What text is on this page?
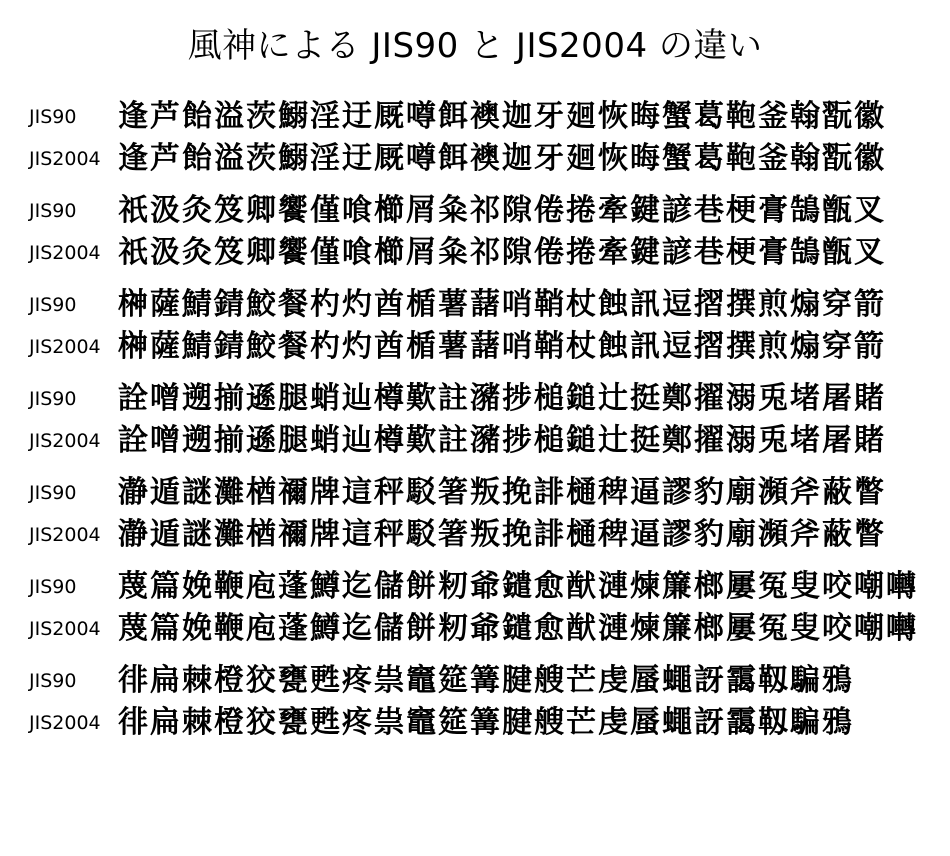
風神による JIS90 と JIS2004 の違い
JIS90	逢芦飴溢茨鰯淫迂厩噂餌襖迦牙廻恢晦蟹葛鞄釜翰翫徽
JIS2004 逢芦飴溢茨鰯淫迂厩噂餌襖迦牙廻恢晦蟹葛鞄釜翰翫徽
JIS90	祇汲灸笈卿饗僅喰櫛屑粂祁隙倦捲牽鍵諺巷梗膏鵠甑叉
JIS2004 祇汲灸笈卿饗僅喰櫛屑粂祁隙倦捲牽鍵諺巷梗膏鵠甑叉
JIS90	榊薩鯖錆鮫餐杓灼酋楯薯藷哨鞘杖蝕訊逗摺撰煎煽穿箭
JIS2004 榊薩鯖錆鮫餐杓灼酋楯薯藷哨鞘杖蝕訊逗摺撰煎煽穿箭
JIS90	詮噌遡揃遜腿蛸辿樽歎註瀦捗槌鎚辻挺鄭擢溺兎堵屠賭
JIS2004 詮噌遡揃遜腿蛸辿樽歎註瀦捗槌鎚辻挺鄭擢溺兎堵屠賭
JIS90	瀞遁謎灘楢禰牌這秤駁箸叛挽誹樋稗逼謬豹廟瀕斧蔽瞥
JIS2004 瀞遁謎灘楢禰牌這秤駁箸叛挽誹樋稗逼謬豹廟瀕斧蔽瞥
JIS90	蔑篇娩鞭庖蓬鱒迄儲餅籾爺鑓愈猷漣煉簾榔屢冤叟咬嘲囀
JIS2004 蔑篇娩鞭庖蓬鱒迄儲餅籾爺鑓愈猷漣煉簾榔屢冤叟咬嘲囀
JIS90	徘扁棘橙狡甕甦疼祟竈筵篝腱艘芒虔蜃蠅訝靄靱騙鴉
JIS2004 徘扁棘橙狡甕甦疼祟竈筵篝腱艘芒虔蜃蠅訝靄靱騙鴉
